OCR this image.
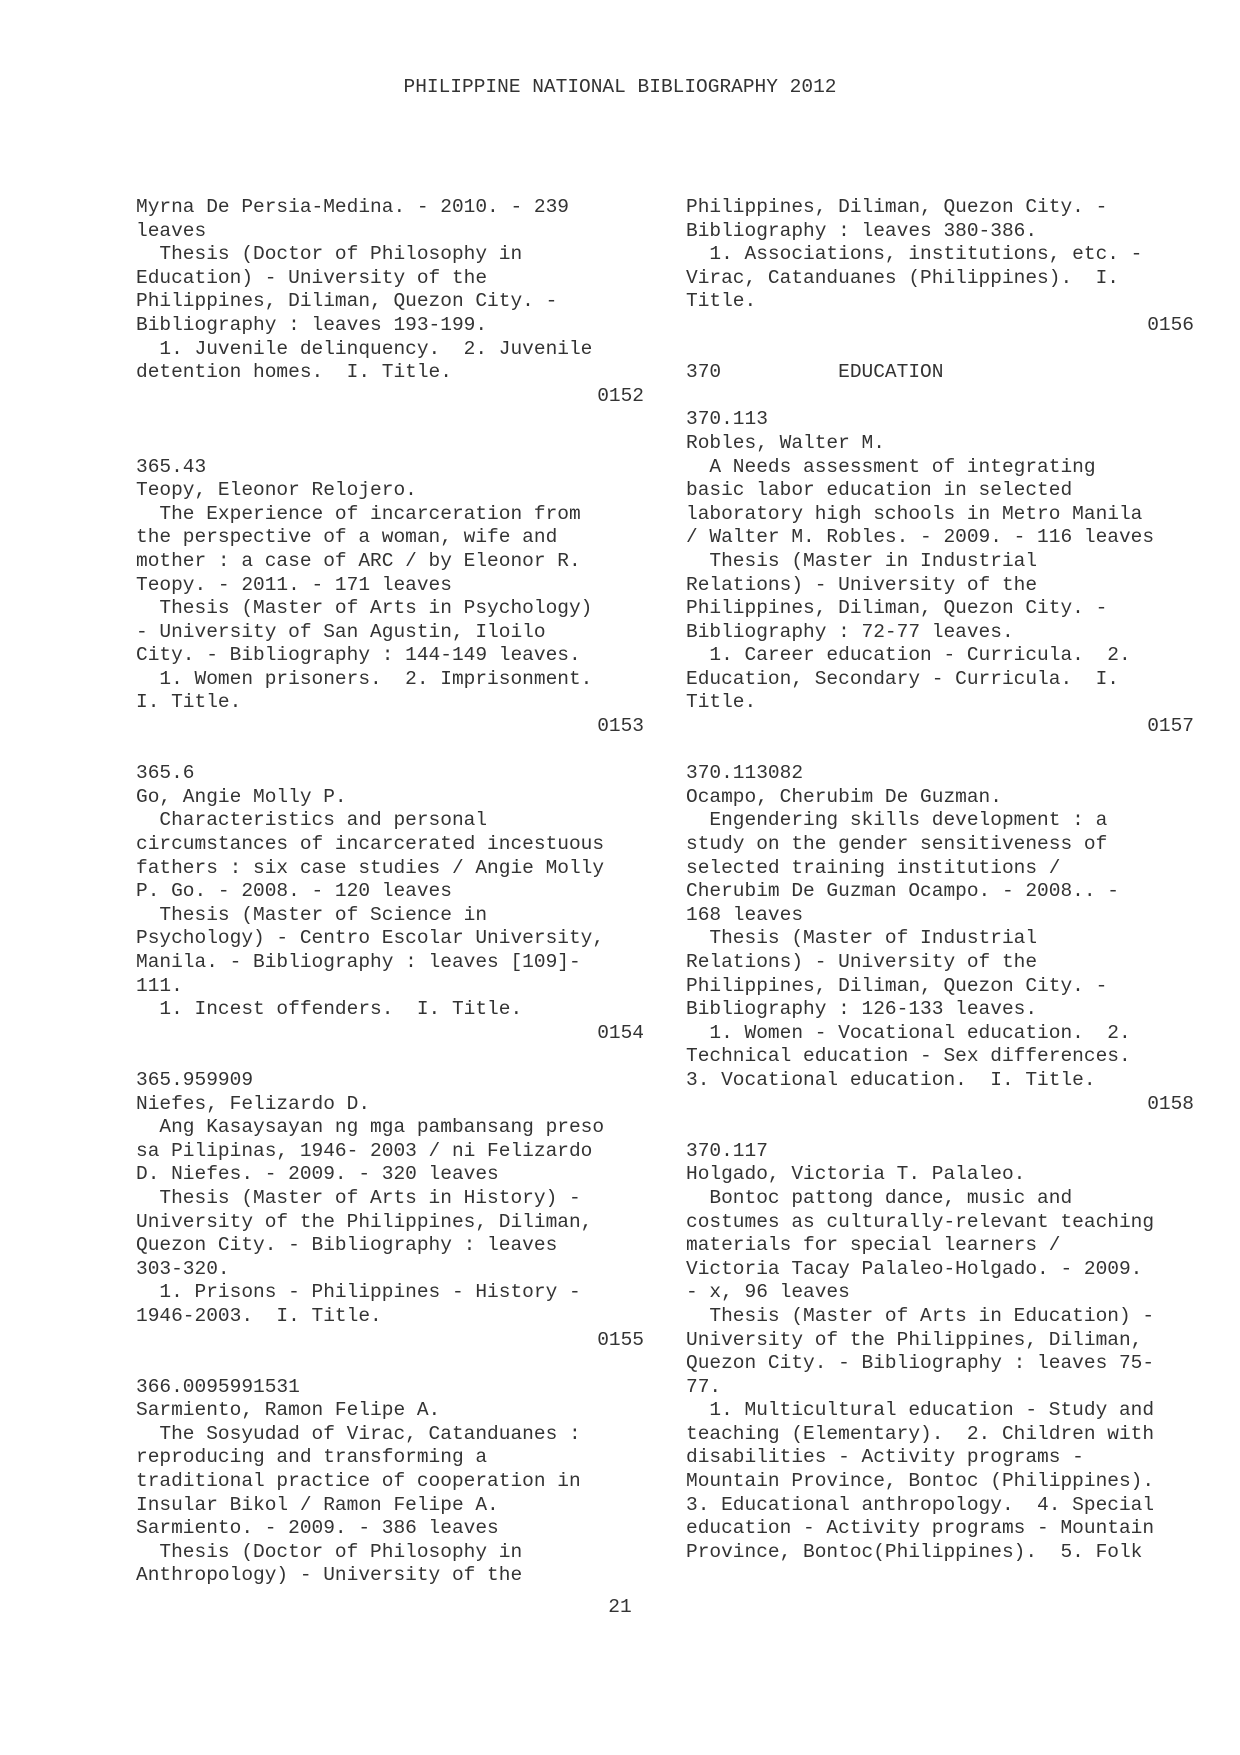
PHILIPPINE NATIONAL BIBLIOGRAPHY 2012
Myrna De Persia-Medina. - 2010. - 239
leaves
Thesis (Doctor of Philosophy in
Education) - University of the
Philippines, Diliman, Quezon City. -
Bibliography : leaves 193-199.
1. Juvenile delinquency.  2. Juvenile
detention homes.  I. Title.
0152
365.43
Teopy, Eleonor Relojero.
The Experience of incarceration from
the perspective of a woman, wife and
mother : a case of ARC / by Eleonor R.
Teopy. - 2011. - 171 leaves
Thesis (Master of Arts in Psychology)
- University of San Agustin, Iloilo
City. - Bibliography : 144-149 leaves.
1. Women prisoners.  2. Imprisonment.
I. Title.
0153
365.6
Go, Angie Molly P.
Characteristics and personal
circumstances of incarcerated incestuous
fathers : six case studies / Angie Molly
P. Go. - 2008. - 120 leaves
Thesis (Master of Science in
Psychology) - Centro Escolar University,
Manila. - Bibliography : leaves [109]-
111.
1. Incest offenders.  I. Title.
0154
365.959909
Niefes, Felizardo D.
Ang Kasaysayan ng mga pambansang preso
sa Pilipinas, 1946- 2003 / ni Felizardo
D. Niefes. - 2009. - 320 leaves
Thesis (Master of Arts in History) -
University of the Philippines, Diliman,
Quezon City. - Bibliography : leaves
303-320.
1. Prisons - Philippines - History -
1946-2003.  I. Title.
0155
366.0095991531
Sarmiento, Ramon Felipe A.
The Sosyudad of Virac, Catanduanes :
reproducing and transforming a
traditional practice of cooperation in
Insular Bikol / Ramon Felipe A.
Sarmiento. - 2009. - 386 leaves
Thesis (Doctor of Philosophy in
Anthropology) - University of the
Philippines, Diliman, Quezon City. -
Bibliography : leaves 380-386.
1. Associations, institutions, etc. -
Virac, Catanduanes (Philippines).  I.
Title.
0156
370          EDUCATION
370.113
Robles, Walter M.
A Needs assessment of integrating
basic labor education in selected
laboratory high schools in Metro Manila
/ Walter M. Robles. - 2009. - 116 leaves
Thesis (Master in Industrial
Relations) - University of the
Philippines, Diliman, Quezon City. -
Bibliography : 72-77 leaves.
1. Career education - Curricula.  2.
Education, Secondary - Curricula.  I.
Title.
0157
370.113082
Ocampo, Cherubim De Guzman.
Engendering skills development : a
study on the gender sensitiveness of
selected training institutions /
Cherubim De Guzman Ocampo. - 2008.. -
168 leaves
Thesis (Master of Industrial
Relations) - University of the
Philippines, Diliman, Quezon City. -
Bibliography : 126-133 leaves.
1. Women - Vocational education.  2.
Technical education - Sex differences.
3. Vocational education.  I. Title.
0158
370.117
Holgado, Victoria T. Palaleo.
Bontoc pattong dance, music and
costumes as culturally-relevant teaching
materials for special learners /
Victoria Tacay Palaleo-Holgado. - 2009.
- x, 96 leaves
Thesis (Master of Arts in Education) -
University of the Philippines, Diliman,
Quezon City. - Bibliography : leaves 75-
77.
1. Multicultural education - Study and
teaching (Elementary).  2. Children with
disabilities - Activity programs -
Mountain Province, Bontoc (Philippines).
3. Educational anthropology.  4. Special
education - Activity programs - Mountain
Province, Bontoc(Philippines).  5. Folk
21
